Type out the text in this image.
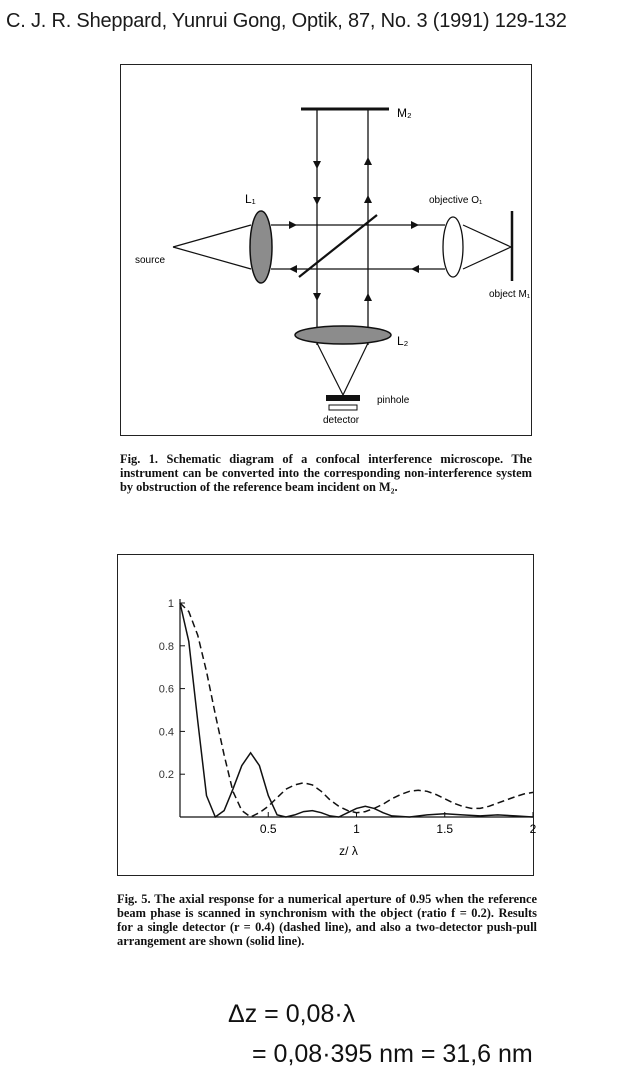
C. J. R. Sheppard, Yunrui Gong, Optik, 87, No. 3 (1991) 129-132
M₂
source
L₁	objective O₁
object M₁
L₂
pinhole
detector
Fig. 1. Schematic diagram of a confocal interference microscope. The instrument can be converted into the corresponding non-interference system by obstruction of the reference beam incident on M₂.
0.5	1	1.5	2
1
0.8
0.6
0.4
0.2
z/ λ
Fig. 5. The axial response for a numerical aperture of 0.95 when the reference beam phase is scanned in synchronism with the object (ratio f = 0.2). Results for a single detector (r = 0.4) (dashed line), and also a two-detector push-pull arrangement are shown (solid line).
Δz = 0,08·λ
= 0,08·395 nm = 31,6 nm
